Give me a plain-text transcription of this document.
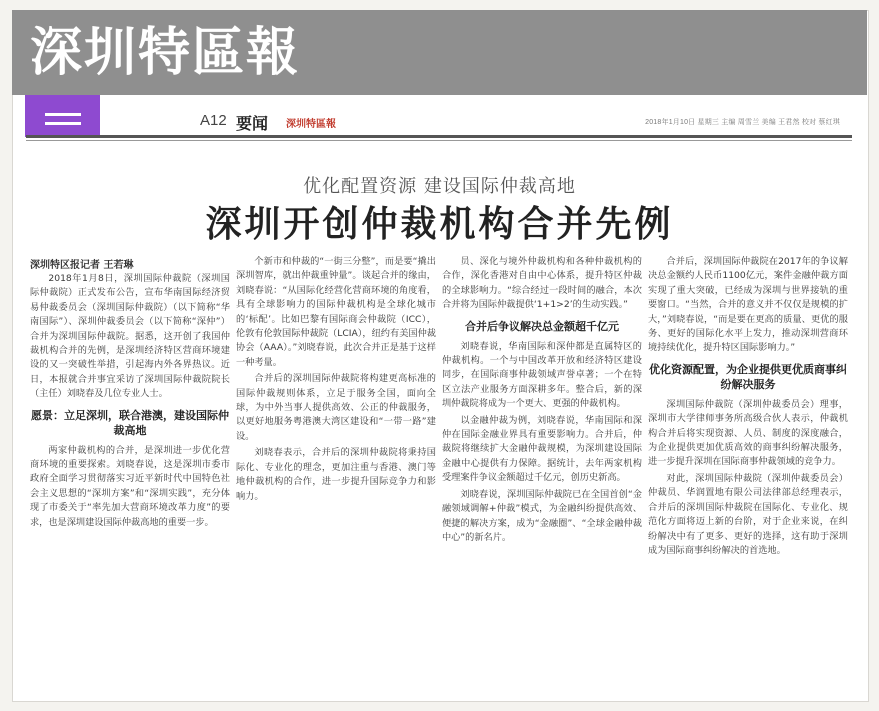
深圳特區報
A12 要闻 深圳特區報	2018年1月10日 星期三 主编 周雪兰 美编 王君然 校对 蔡红琪
优化配置资源 建设国际仲裁高地
深圳开创仲裁机构合并先例
深圳特区报记者 王若琳

2018年1月8日，深圳国际仲裁院（深圳国际仲裁院）正式发布公告，宣布华南国际经济贸易仲裁委员会（深圳国际仲裁院）（以下简称“华南国际”）、深圳仲裁委员会（以下简称“深仲”）合并为深圳国际仲裁院。据悉，这开创了我国仲裁机构合并的先例，是深圳经济特区营商环境建设的又一突破性举措，引起海内外各界热议。近日，本报就合并事宜采访了深圳国际仲裁院院长（主任）刘晓春及几位专业人士。

愿景：立足深圳，联合港澳，建设国际仲裁高地

两家仲裁机构的合并，是深圳进一步优化营商环境的重要探索。刘晓春说，这是深圳市委市政府全面学习贯彻落实习近平新时代中国特色社会主义思想的“深圳方案”和“深圳实践”，充分体现了市委关于“率先加大营商环境改革力度”的要求，也是深圳建设国际仲裁高地的重要一步。

个新市和仲裁的“一街三分整”，而是要“撬出深圳智库，就出仲裁重钟量”。谈起合并的缘由，刘晓春说：“从国际化经营化营商环境的角度看，具有全球影响力的国际仲裁机构是全球化城市的‘标配’。比如巴黎有国际商会仲裁院（ICC），伦敦有伦敦国际仲裁院（LCIA），纽约有美国仲裁协会（AAA）。”刘晓春说，此次合并正是基于这样一种考量。

合并后的深圳国际仲裁院将构建更高标准的国际仲裁规则体系，立足于服务全国，面向全球，为中外当事人提供高效、公正的仲裁服务，以更好地服务粤港澳大湾区建设和“一带一路”建设。

刘晓春表示，合并后的深圳仲裁院将秉持国际化、专业化的理念，更加注重与香港、澳门等地仲裁机构的合作，进一步提升国际竞争力和影响力。

员、深化与境外仲裁机构和各种仲裁机构的合作，深化香港对自由中心体系，提升特区仲裁的全球影响力。“综合经过一段时间的融合，本次合并将为国际仲裁提供‘1+1>2’的生动实践。”

合并后争议解决总金额超千亿元

刘晓春说，华南国际和深仲都是直属特区的仲裁机构。一个与中国改革开放和经济特区建设同步，在国际商事仲裁领域声誉卓著；一个在特区立法产业服务方面深耕多年。整合后，新的深圳仲裁院将成为一个更大、更强的仲裁机构。

以金融仲裁为例，刘晓春说，华南国际和深仲在国际金融业界具有重要影响力。合并后，仲裁院将继续扩大金融仲裁规模，为深圳建设国际金融中心提供有力保障。据统计，去年两家机构受理案件争议金额超过千亿元，创历史新高。

刘晓春说，深圳国际仲裁院已在全国首创“金融领域调解+仲裁”模式，为金融纠纷提供高效、便捷的解决方案，成为“金融圈”、“全球金融仲裁中心”的新名片。

合并后，深圳国际仲裁院在2017年的争议解决总金额约人民币1100亿元，案件金融仲裁方面实现了重大突破，已经成为深圳与世界接轨的重要窗口。“当然，合并的意义并不仅仅是规模的扩大，”刘晓春说，“而是要在更高的质量、更优的服务、更好的国际化水平上发力，推动深圳营商环境持续优化，提升特区国际影响力。”

优化资源配置，为企业提供更优质商事纠纷解决服务

深圳国际仲裁院（深圳仲裁委员会）理事，深圳市大学律师事务所高级合伙人表示，仲裁机构合并后将实现资源、人员、制度的深度融合，为企业提供更加优质高效的商事纠纷解决服务，进一步提升深圳在国际商事仲裁领域的竞争力。

对此，深圳国际仲裁院（深圳仲裁委员会）仲裁员、华润置地有限公司法律部总经理表示，合并后的深圳国际仲裁院在国际化、专业化、规范化方面将迈上新的台阶，对于企业来说，在纠纷解决中有了更多、更好的选择，这有助于深圳成为国际商事纠纷解决的首选地。
